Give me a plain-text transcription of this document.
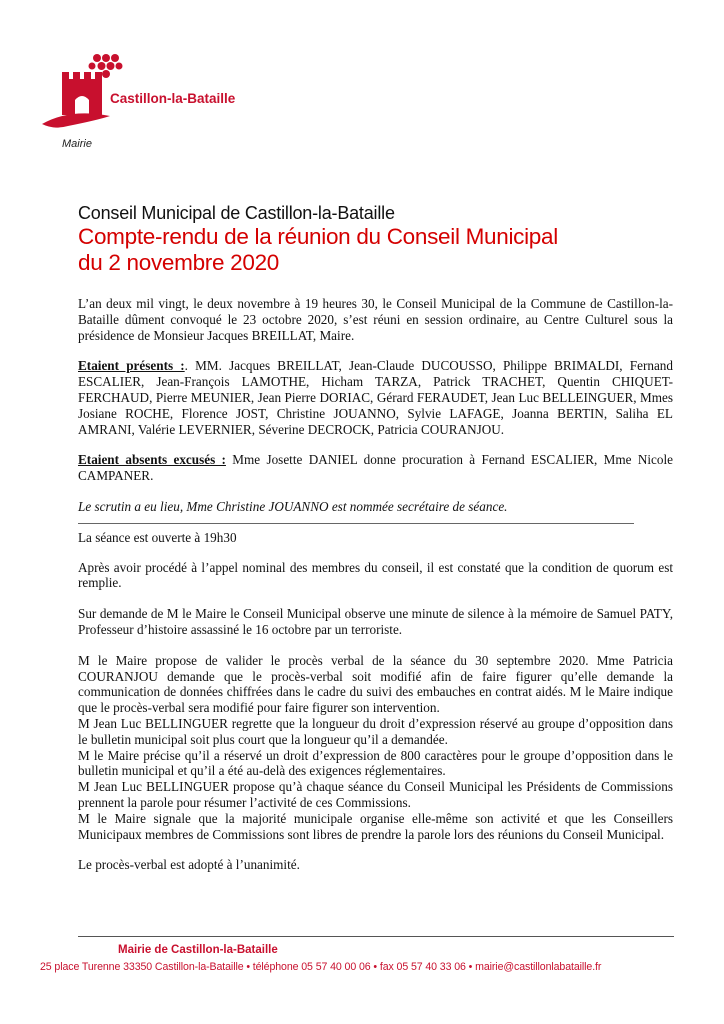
Castillon-la-Bataille
Mairie
Conseil Municipal de Castillon-la-Bataille
Compte-rendu de la réunion du Conseil Municipal
du 2 novembre 2020

L’an deux mil vingt, le deux novembre à 19 heures 30, le Conseil Municipal de la Commune de Castillon-la-Bataille dûment convoqué le 23 octobre 2020, s’est réuni en session ordinaire, au Centre Culturel sous la présidence de Monsieur Jacques BREILLAT, Maire.

Etaient présents :. MM. Jacques BREILLAT, Jean-Claude DUCOUSSO, Philippe BRIMALDI, Fernand ESCALIER, Jean-François LAMOTHE, Hicham TARZA, Patrick TRACHET, Quentin CHIQUET-FERCHAUD, Pierre MEUNIER, Jean Pierre DORIAC, Gérard FERAUDET, Jean Luc BELLEINGUER, Mmes Josiane ROCHE, Florence JOST, Christine JOUANNO, Sylvie LAFAGE, Joanna BERTIN, Saliha EL AMRANI, Valérie LEVERNIER, Séverine DECROCK, Patricia COURANJOU.

Etaient absents excusés : Mme Josette DANIEL donne procuration à Fernand ESCALIER, Mme Nicole CAMPANER.

Le scrutin a eu lieu, Mme Christine JOUANNO est nommée secrétaire de séance.

La séance est ouverte à 19h30

Après avoir procédé à l’appel nominal des membres du conseil, il est constaté que la condition de quorum est remplie.

Sur demande de M le Maire le Conseil Municipal observe une minute de silence à la mémoire de Samuel PATY, Professeur d’histoire assassiné le 16 octobre par un terroriste.

M le Maire propose de valider le procès verbal de la séance du 30 septembre 2020. Mme Patricia COURANJOU demande que le procès-verbal soit modifié afin de faire figurer qu’elle demande la communication de données chiffrées dans le cadre du suivi des embauches en contrat aidés. M le Maire indique que le procès-verbal sera modifié pour faire figurer son intervention.

M Jean Luc BELLINGUER regrette que la longueur du droit d’expression réservé au groupe d’opposition dans le bulletin municipal soit plus court que la longueur qu’il a demandée.

M le Maire précise qu’il a réservé un droit d’expression de 800 caractères pour le groupe d’opposition dans le bulletin municipal et qu’il a été au-delà des exigences réglementaires.

M Jean Luc BELLINGUER propose qu’à chaque séance du Conseil Municipal les Présidents de Commissions prennent la parole pour résumer l’activité de ces Commissions.

M le Maire signale que la majorité municipale organise elle-même son activité et que les Conseillers Municipaux membres de Commissions sont libres de prendre la parole lors des réunions du Conseil Municipal.

Le procès-verbal est adopté à l’unanimité.

Mairie de Castillon-la-Bataille
25 place Turenne 33350 Castillon-la-Bataille • téléphone 05 57 40 00 06 • fax 05 57 40 33 06 • mairie@castillonlabataille.fr
